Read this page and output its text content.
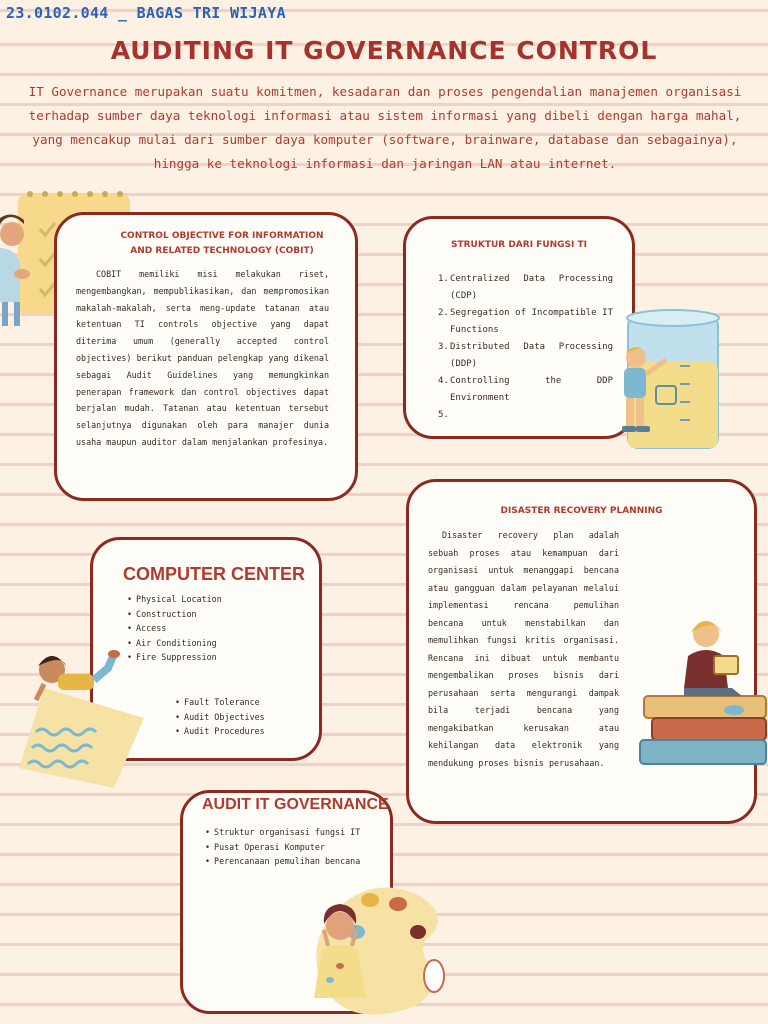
23.0102.044 _ BAGAS TRI WIJAYA
AUDITING IT GOVERNANCE CONTROL
IT Governance merupakan suatu komitmen, kesadaran dan proses pengendalian manajemen organisasi terhadap sumber daya teknologi informasi atau sistem informasi yang dibeli dengan harga mahal, yang mencakup mulai dari sumber daya komputer (software, brainware, database dan sebagainya), hingga ke teknologi informasi dan jaringan LAN atau internet.
CONTROL OBJECTIVE FOR INFORMATION AND RELATED TECHNOLOGY (COBIT)
COBIT memiliki misi melakukan riset, mengembangkan, mempublikasikan, dan mempromosikan makalah-makalah, serta meng-update tatanan atau ketentuan TI controls objective yang dapat diterima umum (generally accepted control objectives) berikut panduan pelengkap yang dikenal sebagai Audit Guidelines yang memungkinkan penerapan framework dan control objectives dapat berjalan mudah. Tatanan atau ketentuan tersebut selanjutnya digunakan oleh para manajer dunia usaha maupun auditor dalam menjalankan profesinya.
STRUKTUR DARI FUNGSI TI
1. Centralized Data Processing (CDP)
2. Segregation of Incompatible IT Functions
3. Distributed Data Processing (DDP)
4. Controlling the DDP Environment
5.
DISASTER RECOVERY PLANNING
Disaster recovery plan adalah sebuah proses atau kemampuan dari organisasi untuk menanggapi bencana atau gangguan dalam pelayanan melalui implementasi rencana pemulihan bencana untuk menstabilkan dan memulihkan fungsi kritis organisasi. Rencana ini dibuat untuk membantu mengembalikan proses bisnis dari perusahaan serta mengurangi dampak bila terjadi bencana yang mengakibatkan kerusakan atau kehilangan data elektronik yang mendukung proses bisnis perusahaan.
COMPUTER CENTER
• Physical Location
• Construction
• Access
• Air Conditioning
• Fire Suppression
• Fault Tolerance
• Audit Objectives
• Audit Procedures
AUDIT IT GOVERNANCE
• Struktur organisasi fungsi IT
• Pusat Operasi Komputer
• Perencanaan pemulihan bencana
